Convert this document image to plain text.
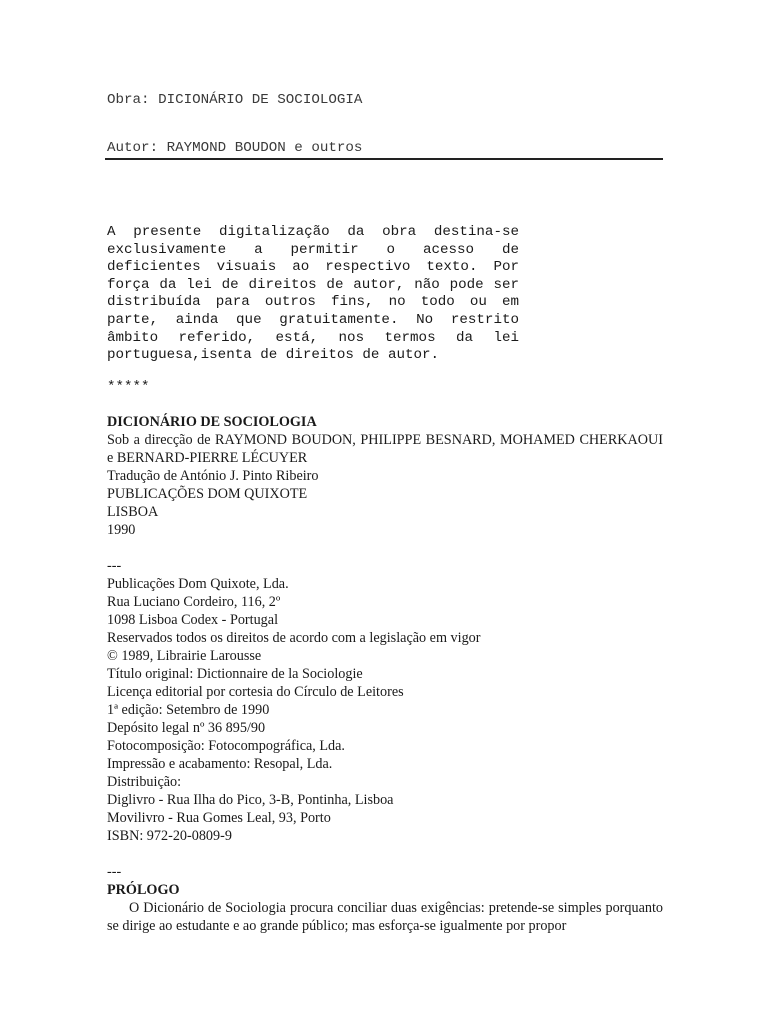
Obra: DICIONÁRIO DE SOCIOLOGIA
Autor: RAYMOND BOUDON e outros

A presente digitalização da obra destina-se exclusivamente a permitir o acesso de deficientes visuais ao respectivo texto. Por força da lei de direitos de autor, não pode ser distribuída para outros fins, no todo ou em parte, ainda que gratuitamente. No restrito âmbito referido, está, nos termos da lei portuguesa,isenta de direitos de autor.

*****

DICIONÁRIO DE SOCIOLOGIA

Sob a direcção de RAYMOND BOUDON, PHILIPPE BESNARD, MOHAMED CHERKAOUI e BERNARD-PIERRE LÉCUYER

Tradução de António J. Pinto Ribeiro

PUBLICAÇÕES DOM QUIXOTE

LISBOA

1990

---

Publicações Dom Quixote, Lda.

Rua Luciano Cordeiro, 116, 2º

1098 Lisboa Codex - Portugal

Reservados todos os direitos de acordo com a legislação em vigor

© 1989, Librairie Larousse

Título original: Dictionnaire de la Sociologie

Licença editorial por cortesia do Círculo de Leitores

1ª edição: Setembro de 1990

Depósito legal nº 36 895/90

Fotocomposição: Fotocompográfica, Lda.

Impressão e acabamento: Resopal, Lda.

Distribuição:

Diglivro - Rua Ilha do Pico, 3-B, Pontinha, Lisboa

Movilivro - Rua Gomes Leal, 93, Porto

ISBN: 972-20-0809-9

---

PRÓLOGO

O Dicionário de Sociologia procura conciliar duas exigências: pretende-se simples porquanto se dirige ao estudante e ao grande público; mas esforça-se igualmente por propor
